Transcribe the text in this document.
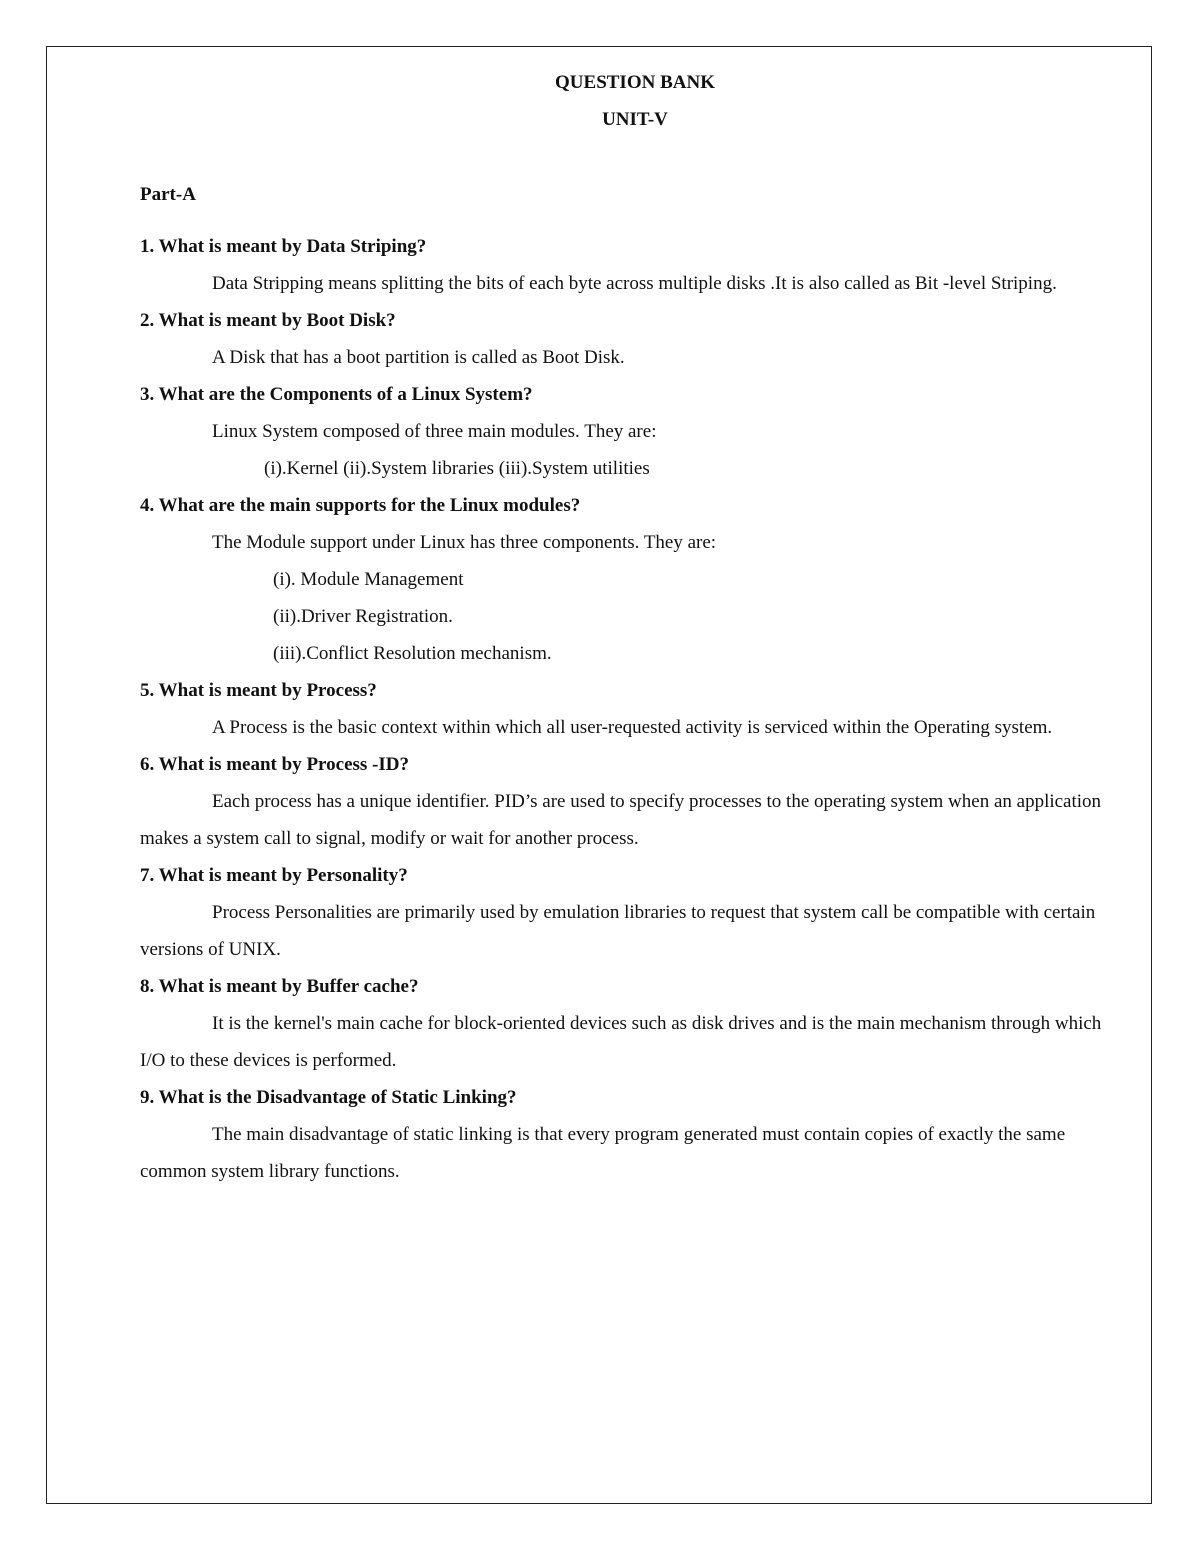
QUESTION BANK

UNIT-V

Part-A

1. What is meant by Data Striping?

Data Stripping means splitting the bits of each byte across multiple disks .It is also called as Bit -level Striping.

2. What is meant by Boot Disk?

A Disk that has a boot partition is called as Boot Disk.

3. What are the Components of a Linux System?

Linux System composed of three main modules. They are:

(i).Kernel (ii).System libraries (iii).System utilities

4. What are the main supports for the Linux modules?

The Module support under Linux has three components. They are:

(i). Module Management

(ii).Driver Registration.

(iii).Conflict Resolution mechanism.

5. What is meant by Process?

A Process is the basic context within which all user-requested activity is serviced within the Operating system.

6. What is meant by Process -ID?

Each process has a unique identifier. PID’s are used to specify processes to the operating system when an application makes a system call to signal, modify or wait for another process.

7. What is meant by Personality?

Process Personalities are primarily used by emulation libraries to request that system call be compatible with certain versions of UNIX.

8. What is meant by Buffer cache?

It is the kernel's main cache for block-oriented devices such as disk drives and is the main mechanism through which I/O to these devices is performed.

9. What is the Disadvantage of Static Linking?

The main disadvantage of static linking is that every program generated must contain copies of exactly the same common system library functions.
